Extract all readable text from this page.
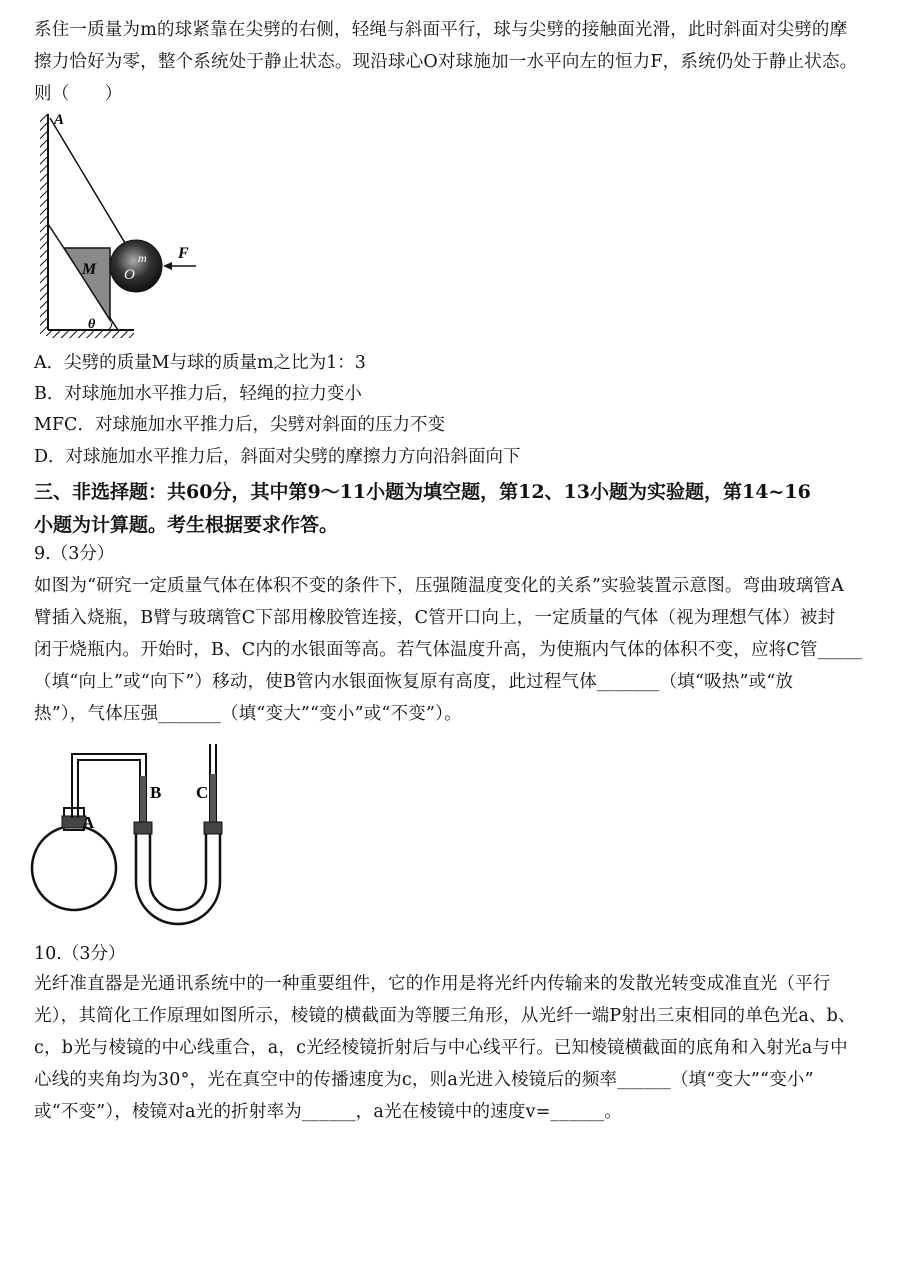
系住一质量为m的球紧靠在尖劈的右侧，轻绳与斜面平行，球与尖劈的接触面光滑，此时斜面对尖劈的摩
擦力恰好为零，整个系统处于静止状态。现沿球心O对球施加一水平向左的恒力F，系统仍处于静止状态。
则（　　）
A
M
m
O
F
θ
A．尖劈的质量M与球的质量m之比为1：3
B．对球施加水平推力后，轻绳的拉力变小
MFC．对球施加水平推力后，尖劈对斜面的压力不变
D．对球施加水平推力后，斜面对尖劈的摩擦力方向沿斜面向下
三、非选择题：共60分，其中第9～11小题为填空题，第12、13小题为实验题，第14~16
小题为计算题。考生根据要求作答。
9.（3分）
如图为“研究一定质量气体在体积不变的条件下，压强随温度变化的关系”实验装置示意图。弯曲玻璃管A
臂插入烧瓶，B臂与玻璃管C下部用橡胶管连接，C管开口向上，一定质量的气体（视为理想气体）被封
闭于烧瓶内。开始时，B、C内的水银面等高。若气体温度升高，为使瓶内气体的体积不变，应将C管_____
（填“向上”或“向下”）移动，使B管内水银面恢复原有高度，此过程气体_______（填“吸热”或“放
热”），气体压强_______（填“变大”“变小”或“不变”）。
A
B C
10.（3分）
光纤准直器是光通讯系统中的一种重要组件，它的作用是将光纤内传输来的发散光转变成准直光（平行
光），其简化工作原理如图所示，棱镜的横截面为等腰三角形，从光纤一端P射出三束相同的单色光a、b、
c，b光与棱镜的中心线重合，a，c光经棱镜折射后与中心线平行。已知棱镜横截面的底角和入射光a与中
心线的夹角均为30°，光在真空中的传播速度为c，则a光进入棱镜后的频率______（填“变大”“变小”
或“不变”），棱镜对a光的折射率为______，a光在棱镜中的速度v=______。
